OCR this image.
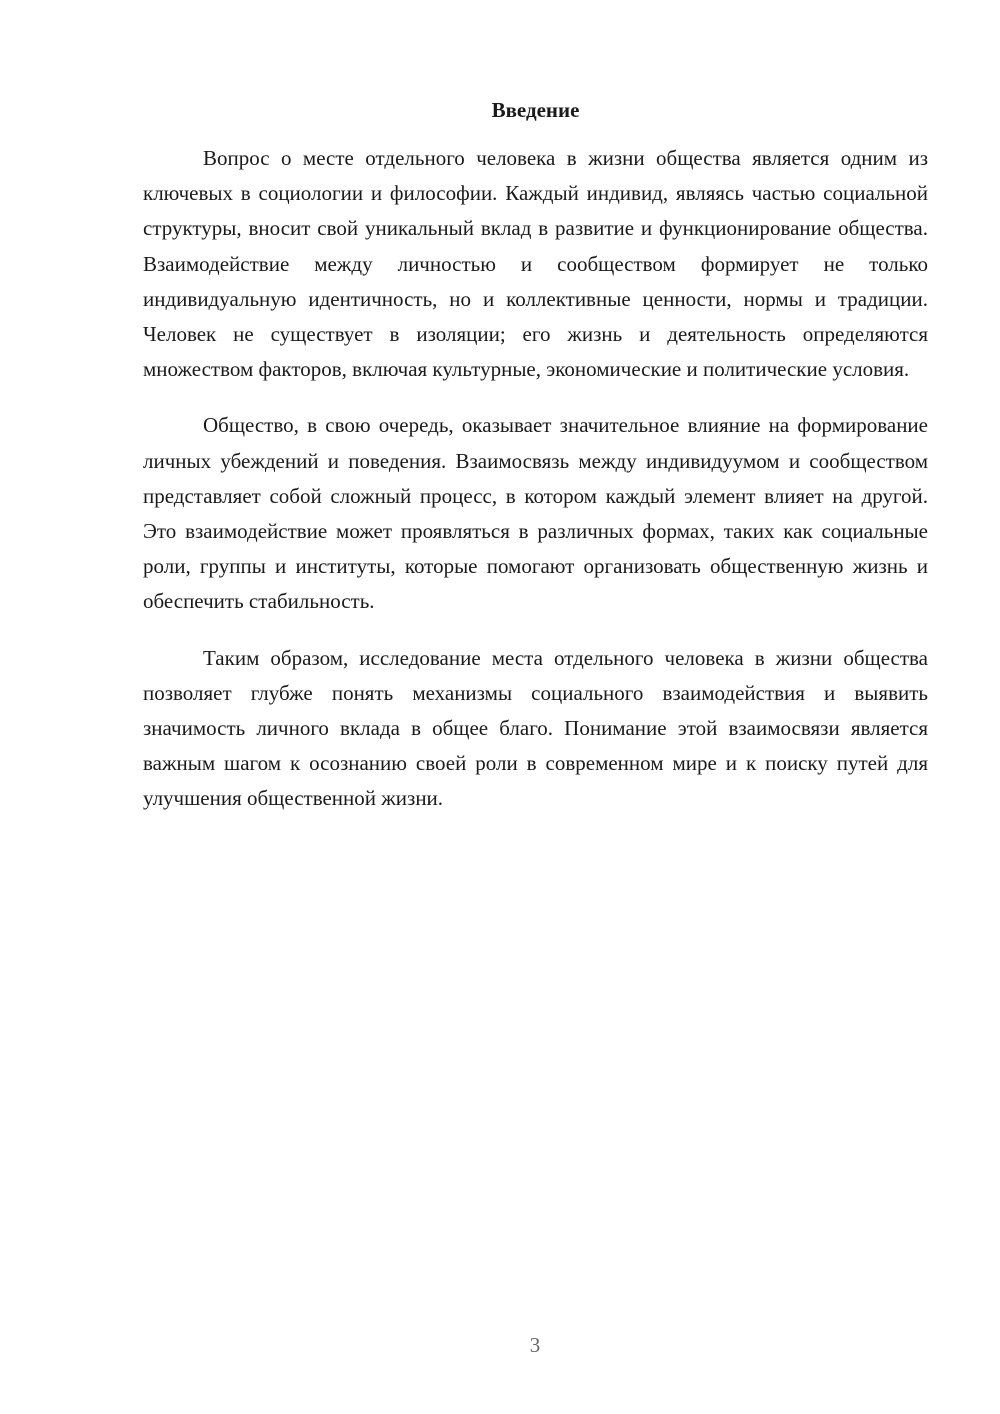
Введение

Вопрос о месте отдельного человека в жизни общества является одним из ключевых в социологии и философии. Каждый индивид, являясь частью социальной структуры, вносит свой уникальный вклад в развитие и функционирование общества. Взаимодействие между личностью и сообществом формирует не только индивидуальную идентичность, но и коллективные ценности, нормы и традиции. Человек не существует в изоляции; его жизнь и деятельность определяются множеством факторов, включая культурные, экономические и политические условия.

Общество, в свою очередь, оказывает значительное влияние на формирование личных убеждений и поведения. Взаимосвязь между индивидуумом и сообществом представляет собой сложный процесс, в котором каждый элемент влияет на другой. Это взаимодействие может проявляться в различных формах, таких как социальные роли, группы и институты, которые помогают организовать общественную жизнь и обеспечить стабильность.

Таким образом, исследование места отдельного человека в жизни общества позволяет глубже понять механизмы социального взаимодействия и выявить значимость личного вклада в общее благо. Понимание этой взаимосвязи является важным шагом к осознанию своей роли в современном мире и к поиску путей для улучшения общественной жизни.

3
